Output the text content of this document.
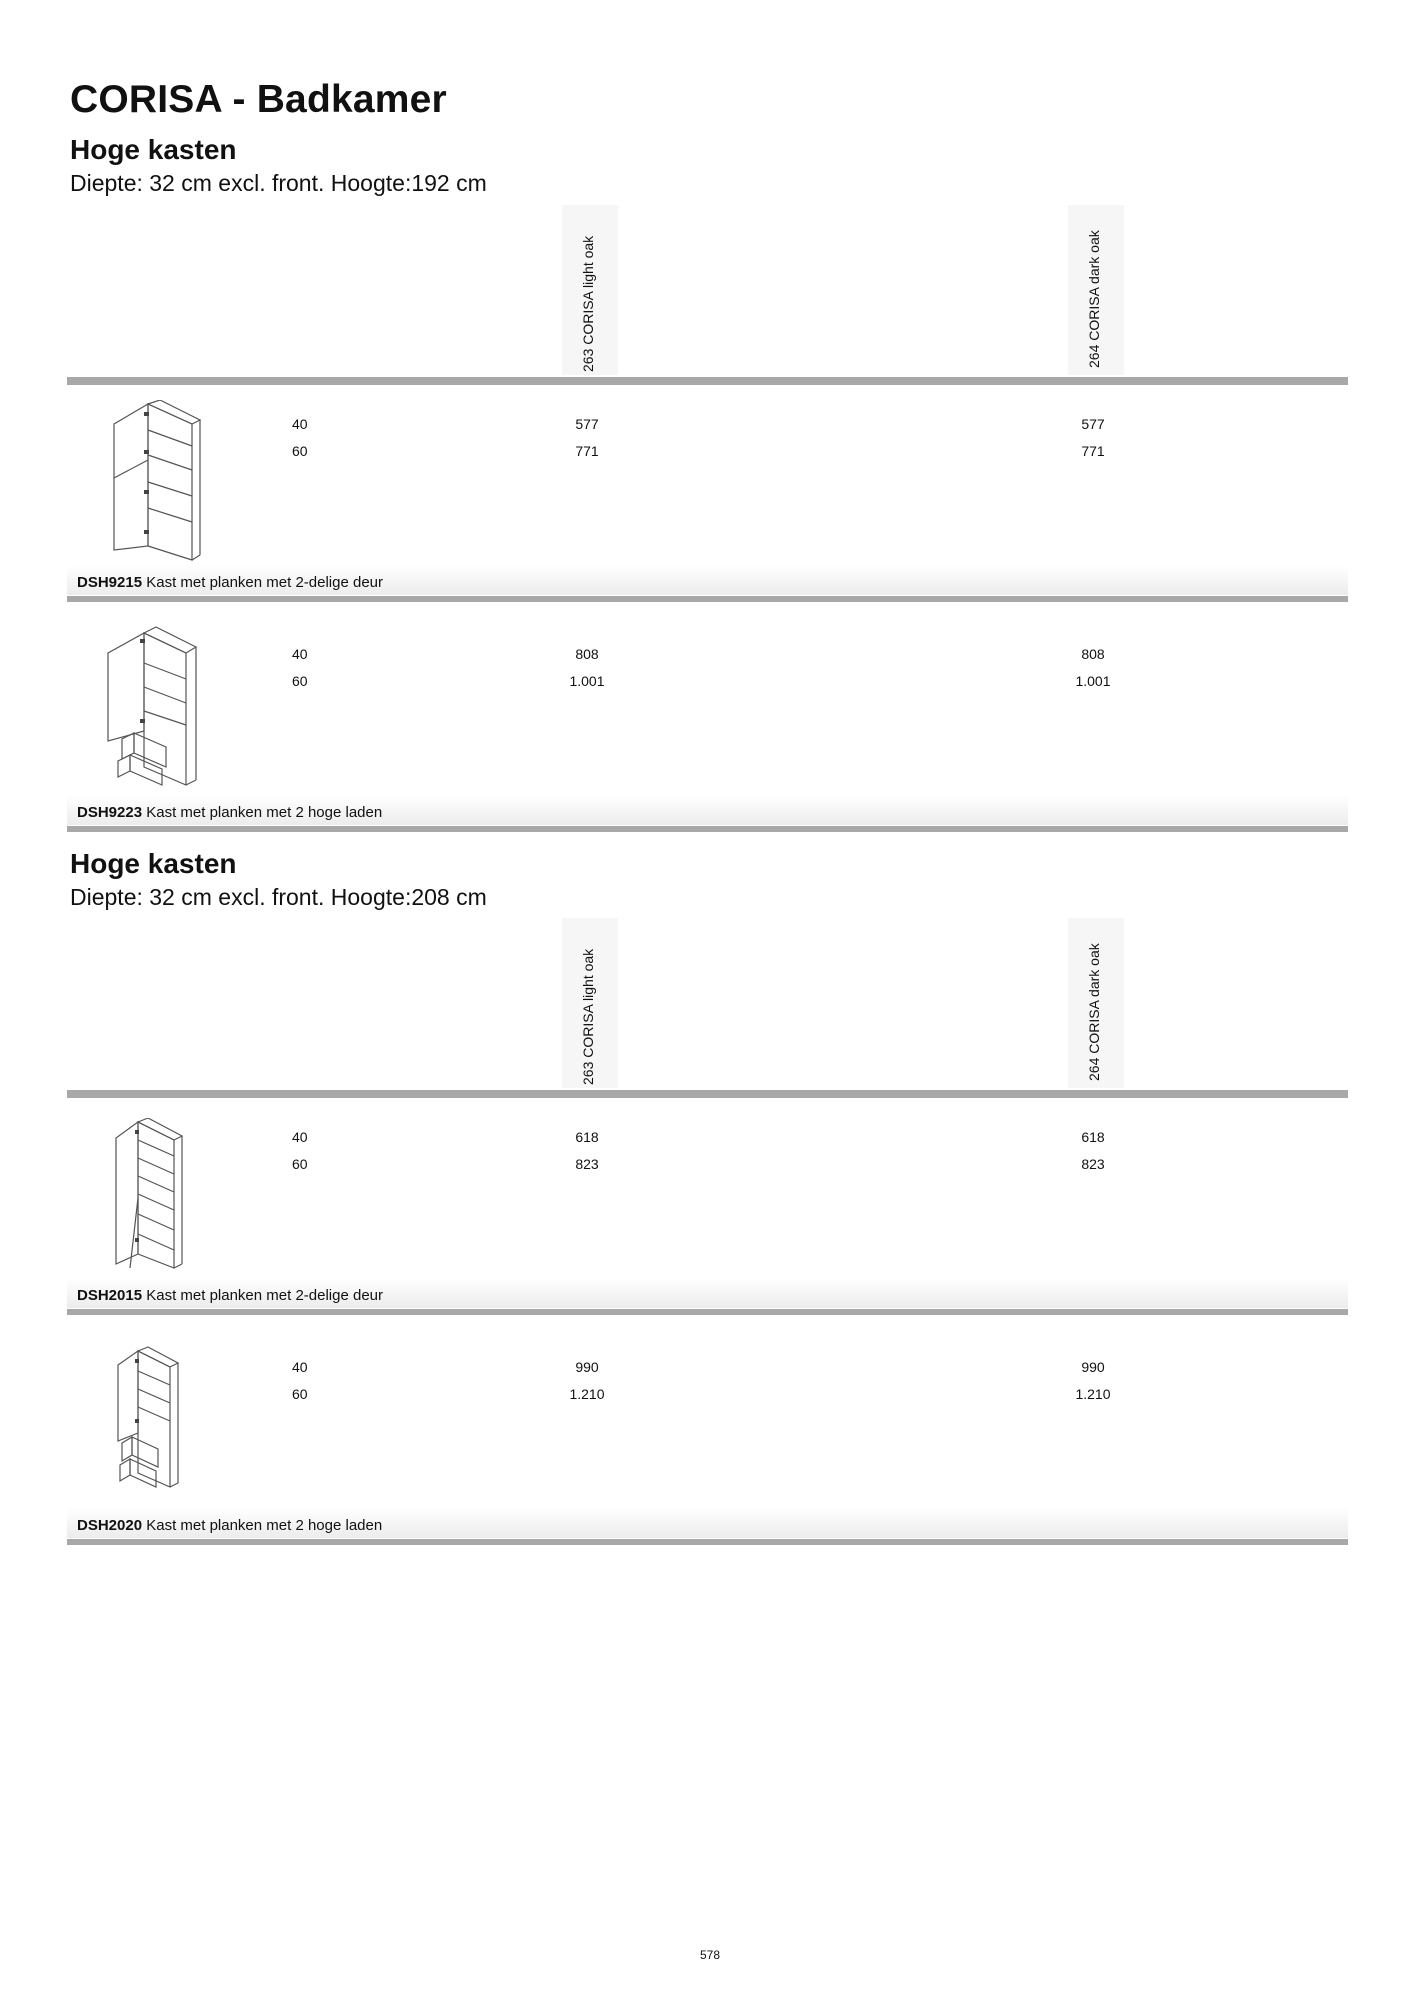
CORISA - Badkamer
Hoge kasten
Diepte: 32 cm excl. front. Hoogte:192 cm
263 CORISA light oak	264 CORISA dark oak
40
60
577
771
577
771
DSH9215 Kast met planken met 2-delige deur
40
60
808
1.001
808
1.001
DSH9223 Kast met planken met 2 hoge laden
Hoge kasten
Diepte: 32 cm excl. front. Hoogte:208 cm
263 CORISA light oak	264 CORISA dark oak
40
60
618
823
618
823
DSH2015 Kast met planken met 2-delige deur
40
60
990
1.210
990
1.210
DSH2020 Kast met planken met 2 hoge laden
578
